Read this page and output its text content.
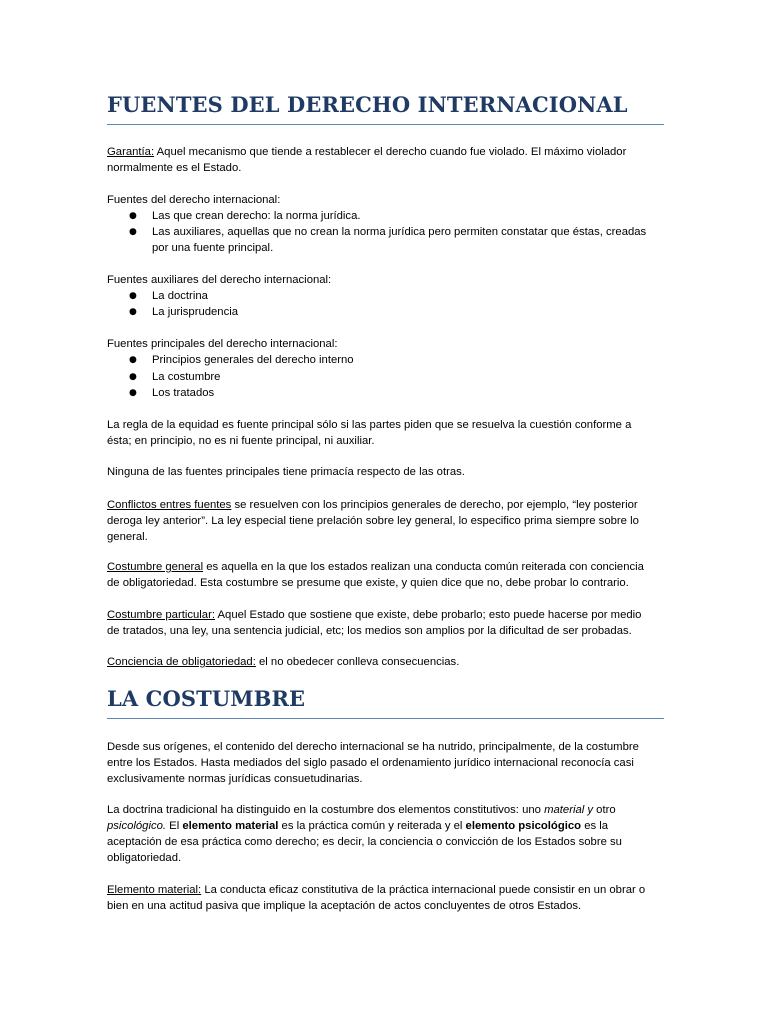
FUENTES DEL DERECHO INTERNACIONAL
Garantía: Aquel mecanismo que tiende a restablecer el derecho cuando fue violado. El máximo violador
normalmente es el Estado.
Fuentes del derecho internacional:
● Las que crean derecho: la norma jurídica.
● Las auxiliares, aquellas que no crean la norma jurídica pero permiten constatar que éstas, creadas
por una fuente principal.
Fuentes auxiliares del derecho internacional:
● La doctrina
● La jurisprudencia
Fuentes principales del derecho internacional:
● Principios generales del derecho interno
● La costumbre
● Los tratados
La regla de la equidad es fuente principal sólo si las partes piden que se resuelva la cuestión conforme a
ésta; en principio, no es ni fuente principal, ni auxiliar.
Ninguna de las fuentes principales tiene primacía respecto de las otras.
Conflictos entres fuentes se resuelven con los principios generales de derecho, por ejemplo, “ley posterior
deroga ley anterior”. La ley especial tiene prelación sobre ley general, lo especifico prima siempre sobre lo
general.
Costumbre general es aquella en la que los estados realizan una conducta común reiterada con conciencia
de obligatoriedad. Esta costumbre se presume que existe, y quien dice que no, debe probar lo contrario.
Costumbre particular: Aquel Estado que sostiene que existe, debe probarlo; esto puede hacerse por medio
de tratados, una ley, una sentencia judicial, etc; los medios son amplios por la dificultad de ser probadas.
Conciencia de obligatoriedad: el no obedecer conlleva consecuencias.
LA COSTUMBRE
Desde sus orígenes, el contenido del derecho internacional se ha nutrido, principalmente, de la costumbre
entre los Estados. Hasta mediados del siglo pasado el ordenamiento jurídico internacional reconocía casi
exclusivamente normas jurídicas consuetudinarias.
La doctrina tradicional ha distinguido en la costumbre dos elementos constitutivos: uno material y otro
psicológico. El elemento material es la práctica común y reiterada y el elemento psicológico es la
aceptación de esa práctica como derecho; es decir, la conciencia o convicción de los Estados sobre su
obligatoriedad.
Elemento material: La conducta eficaz constitutiva de la práctica internacional puede consistir en un obrar o
bien en una actitud pasiva que implique la aceptación de actos concluyentes de otros Estados.
